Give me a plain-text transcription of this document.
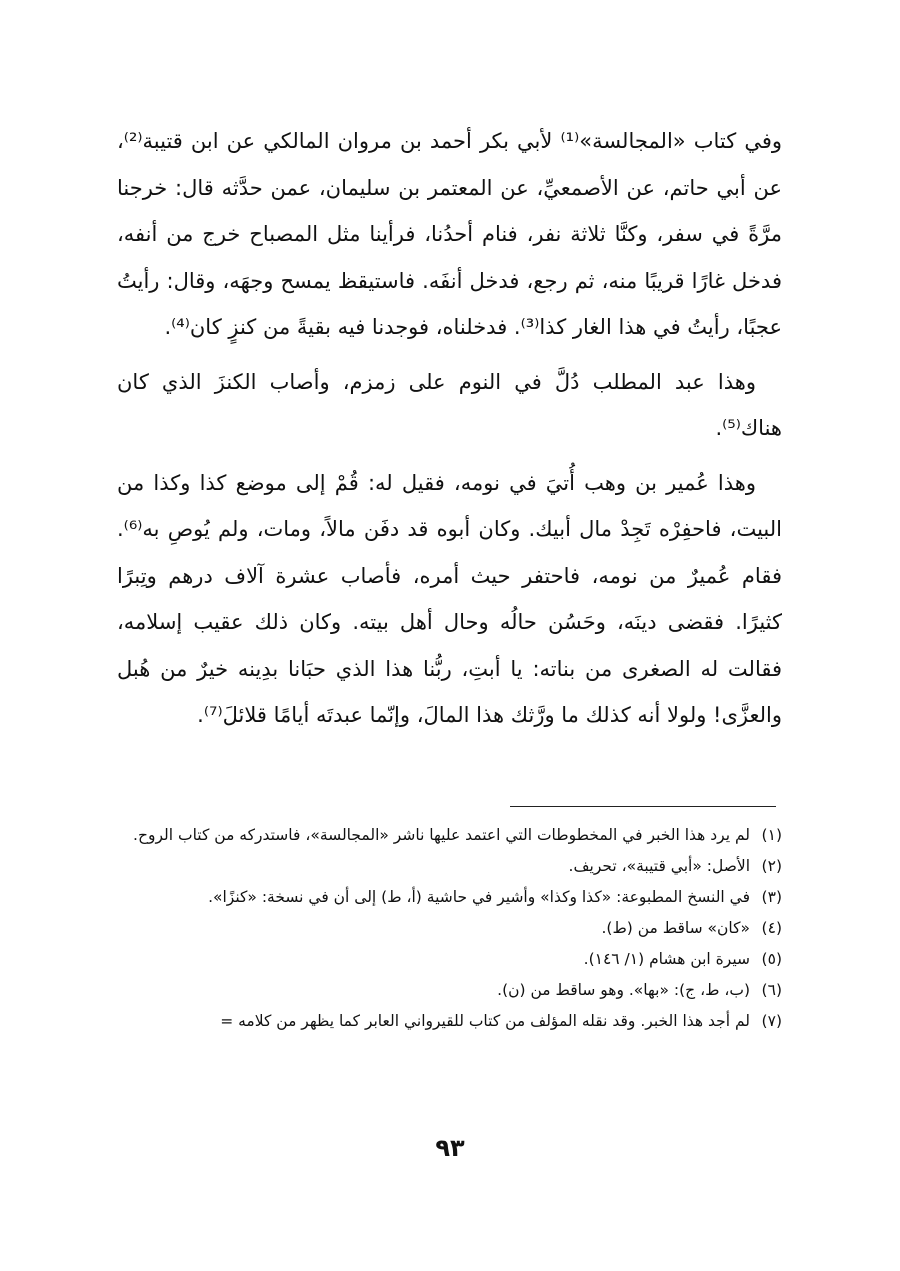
وفي كتاب «المجالسة»⁽¹⁾ لأبي بكر أحمد بن مروان المالكي عن ابن قتيبة⁽²⁾، عن أبي حاتم، عن الأصمعيِّ، عن المعتمر بن سليمان، عمن حدَّثه قال: خرجنا مرَّةً في سفر، وكنَّا ثلاثة نفر، فنام أحدُنا، فرأينا مثل المصباح خرج من أنفه، فدخل غارًا قريبًا منه، ثم رجع، فدخل أنفَه. فاستيقظ يمسح وجهَه، وقال: رأيتُ عجبًا، رأيتُ في هذا الغار كذا⁽³⁾. فدخلناه، فوجدنا فيه بقيةً من كنزٍ كان⁽⁴⁾.

وهذا عبد المطلب دُلَّ في النوم على زمزم، وأصاب الكنزَ الذي كان هناك⁽⁵⁾.

وهذا عُمير بن وهب أُتيَ في نومه، فقيل له: قُمْ إلى موضع كذا وكذا من البيت، فاحفِرْه تَجِدْ مال أبيك. وكان أبوه قد دفَن مالاً، ومات، ولم يُوصِ به⁽⁶⁾. فقام عُميرٌ من نومه، فاحتفر حيث أمره، فأصاب عشرة آلاف درهم وتِبرًا كثيرًا. فقضى دينَه، وحَسُن حالُه وحال أهل بيته. وكان ذلك عقيب إسلامه، فقالت له الصغرى من بناته: يا أبتِ، ربُّنا هذا الذي حبَانا بدِينه خيرٌ من هُبل والعزَّى! ولولا أنه كذلك ما ورَّثك هذا المالَ، وإنّما عبدتَه أيامًا قلائلَ⁽⁷⁾.

(١)
لم يرد هذا الخبر في المخطوطات التي اعتمد عليها ناشر «المجالسة»، فاستدركه من كتاب الروح.
(٢)
الأصل: «أبي قتيبة»، تحريف.
(٣)
في النسخ المطبوعة: «كذا وكذا» وأشير في حاشية (أ، ط) إلى أن في نسخة: «كنزًا».
(٤)
«كان» ساقط من (ط).
(٥)
سيرة ابن هشام (١/ ١٤٦).
(٦)
(ب، ط، ج): «بها». وهو ساقط من (ن).
(٧)
لم أجد هذا الخبر. وقد نقله المؤلف من كتاب للقيرواني العابر كما يظهر من كلامه =
٩٣
